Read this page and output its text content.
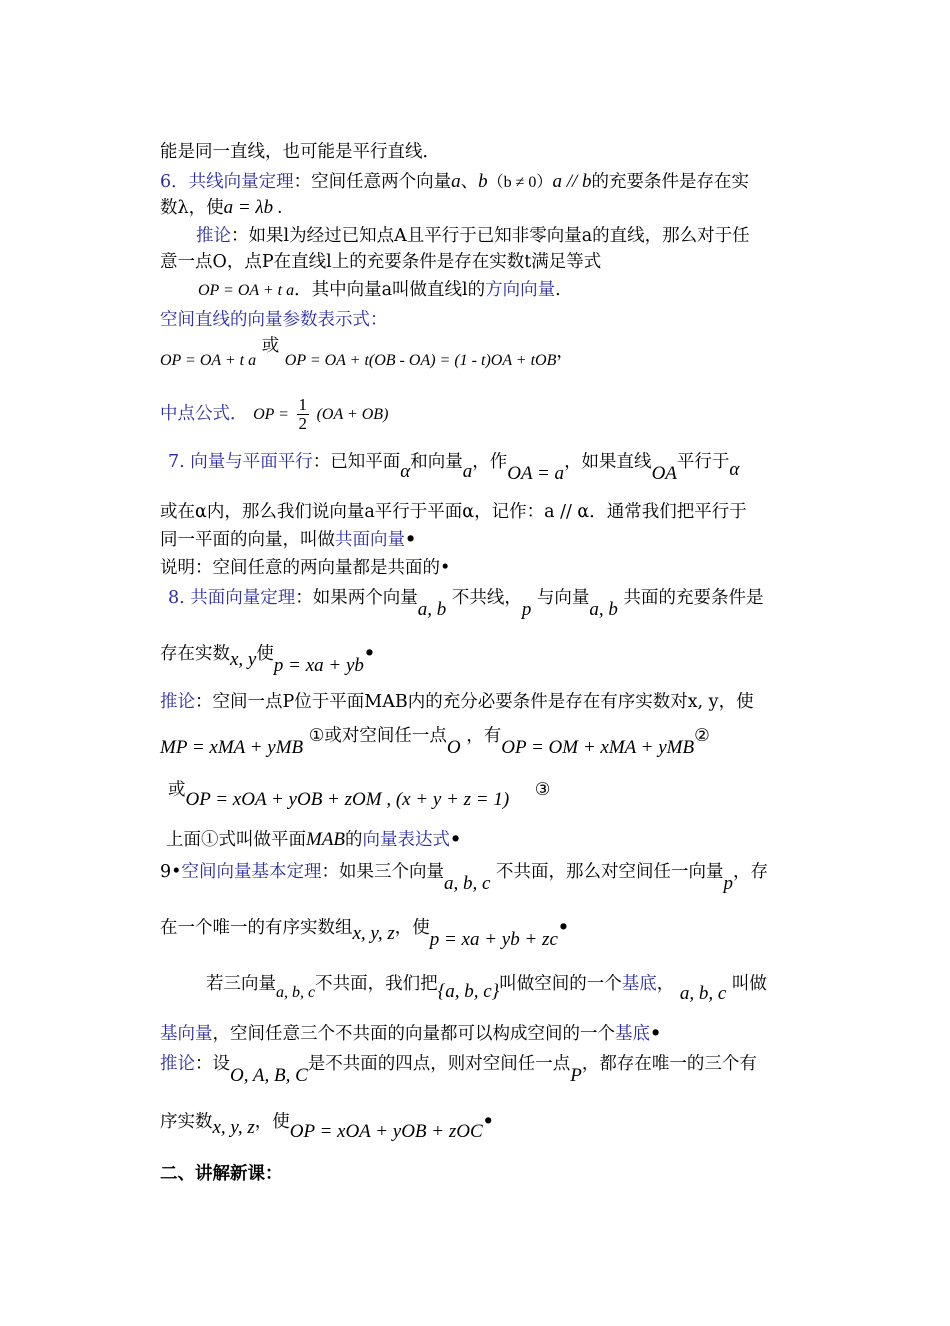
能是同一直线，也可能是平行直线．
6．共线向量定理：空间任意两个向量a、b（b ≠ 0）a // b的充要条件是存在实
数λ，使a = λb .
推论：如果l为经过已知点A且平行于已知非零向量a的直线，那么对于任
意一点O，点P在直线l上的充要条件是存在实数t满足等式
OP = OA + t a．其中向量a叫做直线l的方向向量.
空间直线的向量参数表示式：
OP = OA + t a 或 OP = OA + t(OB - OA) = (1 - t)OA + tOB，
中点公式． OP = $\frac{1}{2} (OA + OB)$
7. 向量与平面平行：已知平面α和向量a，作OA = a，如果直线OA平行于α
或在α内，那么我们说向量a平行于平面α，记作：a // α．通常我们把平行于
同一平面的向量，叫做共面向量•
说明：空间任意的两向量都是共面的•
8. 共面向量定理：如果两个向量a, b 不共线，p 与向量a, b 共面的充要条件是
存在实数x, y使p = xa + yb•
推论：空间一点P位于平面MAB内的充分必要条件是存在有序实数对x, y，使
MP = xMA + yMB ①或对空间任一点O ，有OP = OM + xMA + yMB②
或OP = xOA + yOB + zOM , (x + y + z = 1) ③
上面①式叫做平面MAB的向量表达式•
9•空间向量基本定理：如果三个向量a, b, c 不共面，那么对空间任一向量p，存
在一个唯一的有序实数组x, y, z，使p = xa + yb + zc•
若三向量a, b, c不共面，我们把{a, b, c}叫做空间的一个基底， a, b, c 叫做
基向量，空间任意三个不共面的向量都可以构成空间的一个基底•
推论：设O, A, B, C是不共面的四点，则对空间任一点P，都存在唯一的三个有
序实数x, y, z，使OP = xOA + yOB + zOC•
二、讲解新课：
